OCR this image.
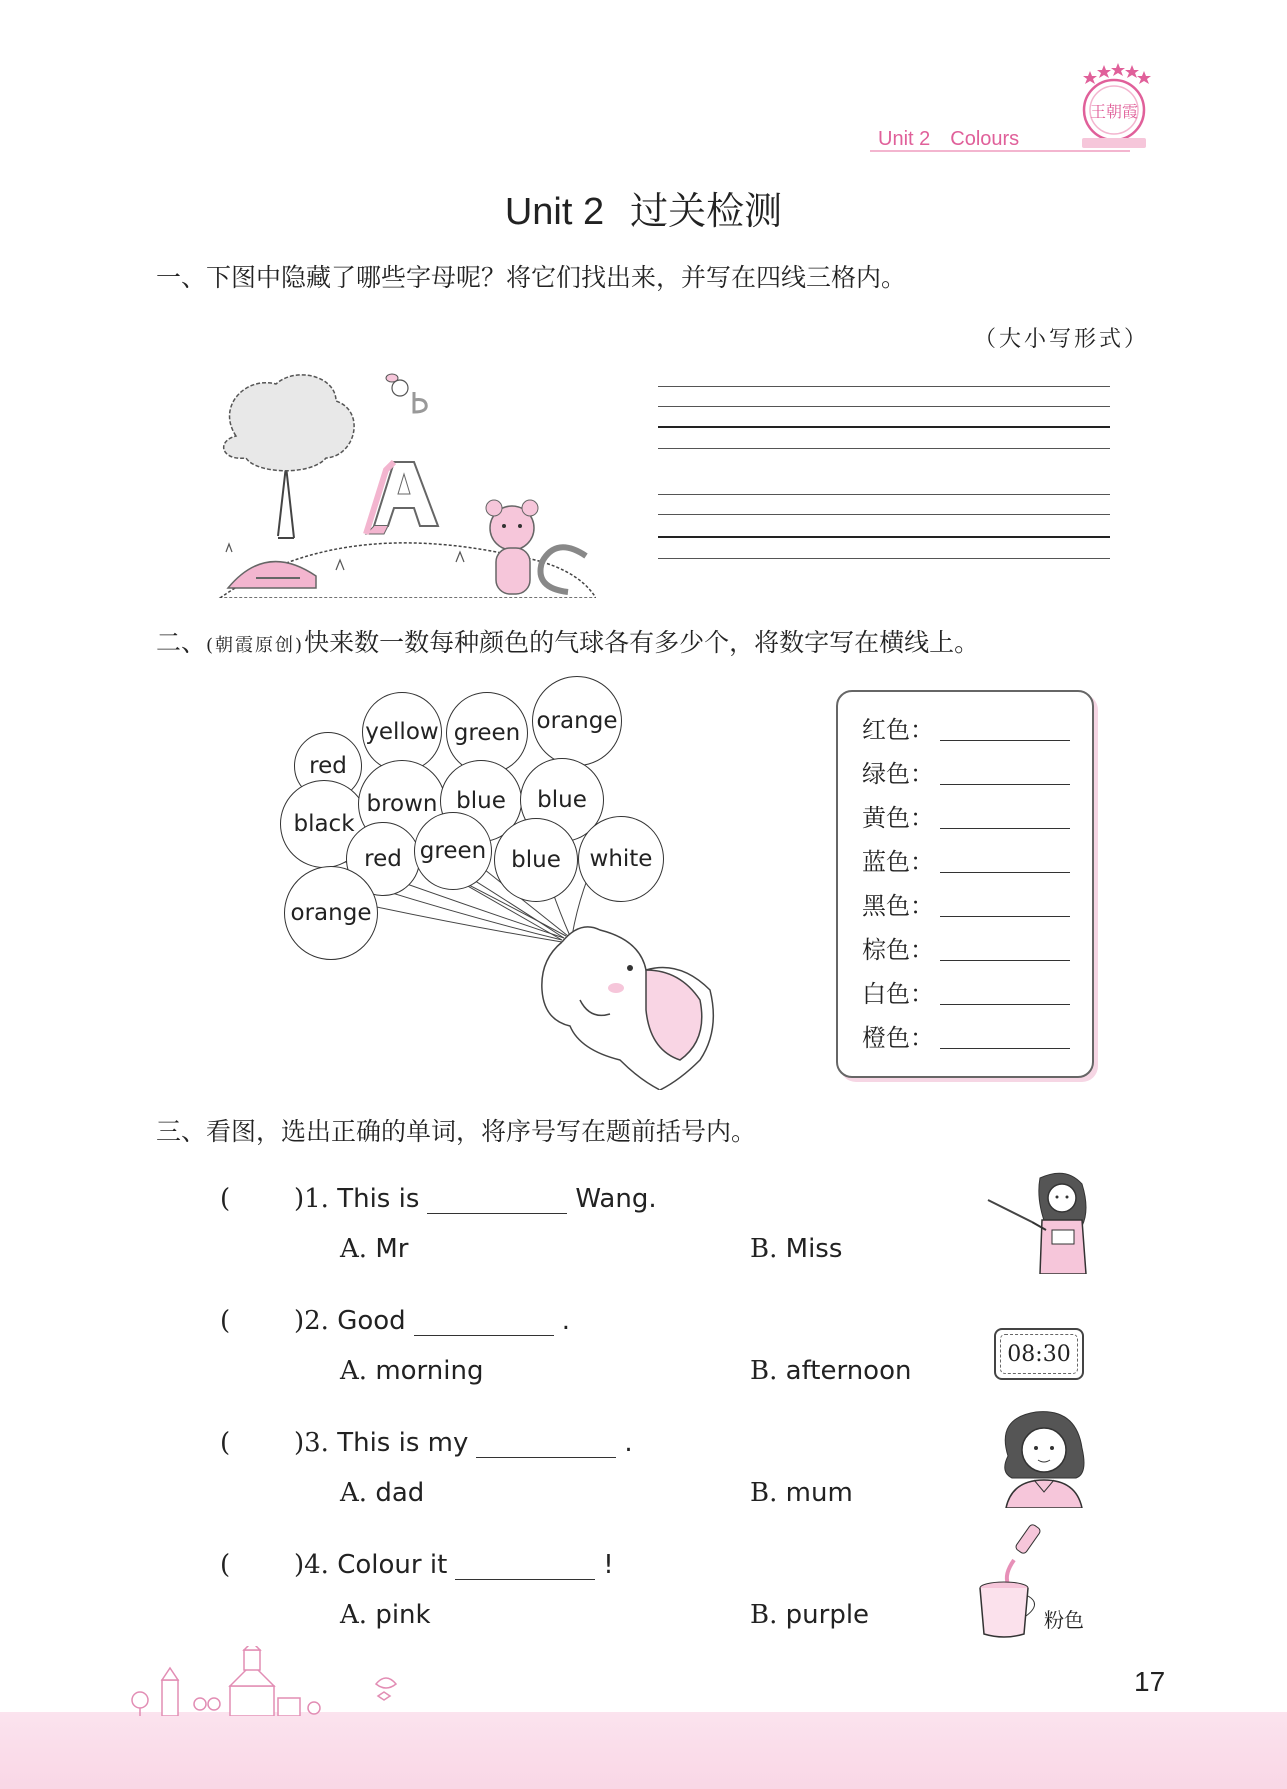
Unit 2 Colours
王朝霞
Unit 2 过关检测
一、下图中隐藏了哪些字母呢？将它们找出来，并写在四线三格内。
（大小写形式）
二、(朝霞原创)快来数一数每种颜色的气球各有多少个，将数字写在横线上。
red
yellow green orange
black
brown blue	blue
red green	blue	white
orange
红色：
绿色：
黄色：
蓝色：
黑色：
棕色：
白色：
橙色：
三、看图，选出正确的单词，将序号写在题前括号内。
( )1. This is	Wang.
A. Mr	B. Miss
( )2. Good	.
A. morning	B. afternoon
( )3. This is my	.
A. dad	B. mum
( )4. Colour it	!
A. pink	B. purple
08:30
粉色
17
